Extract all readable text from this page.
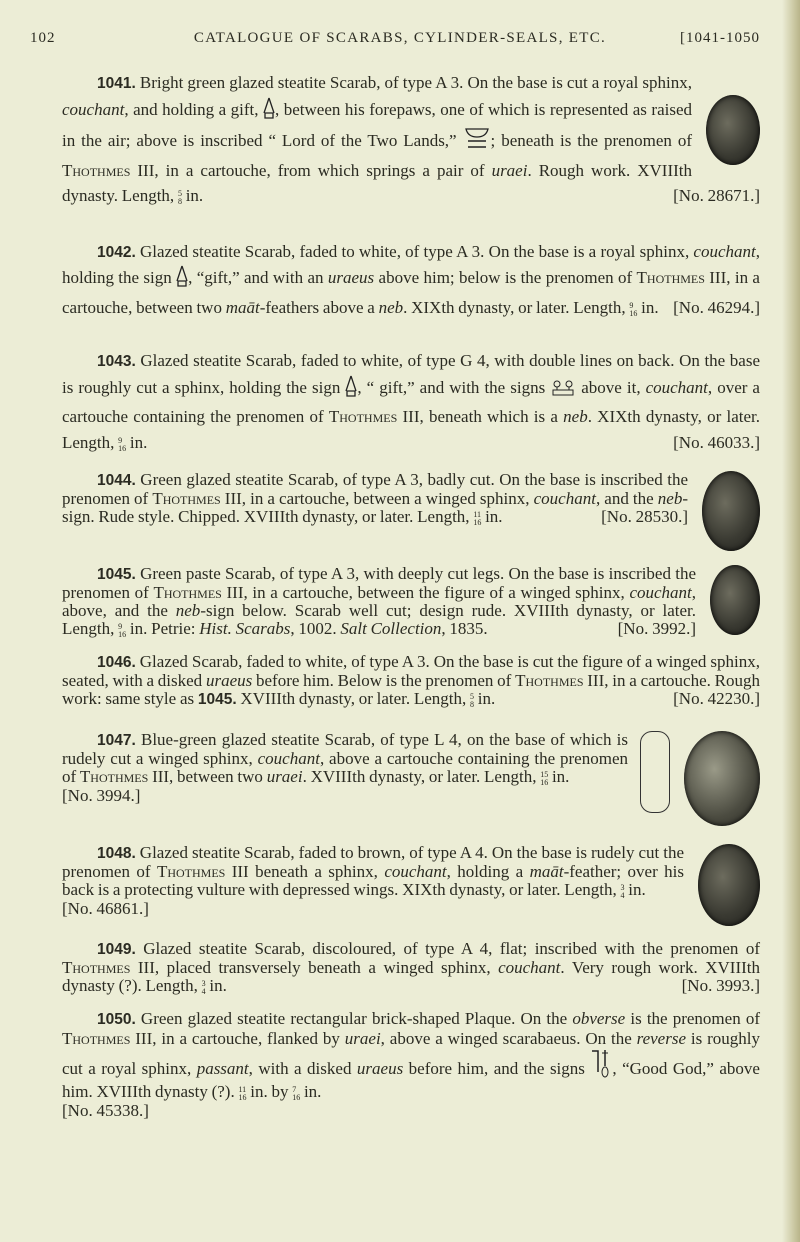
102	CATALOGUE OF SCARABS, CYLINDER-SEALS, ETC.	[1041-1050

1041. Bright green glazed steatite Scarab, of type A 3. On the base is cut a royal sphinx, couchant, and holding a gift, , between his forepaws, one of which is represented as raised in the air; above is inscribed “ Lord of the Two Lands,” ; beneath is the prenomen of Thothmes III, in a cartouche, from which springs a pair of uraei. Rough work. XVIIIth dynasty. Length, 5
8 in.	[No. 28671.]

1042. Glazed steatite Scarab, faded to white, of type A 3. On the base is a royal sphinx, couchant, holding the sign , “gift,” and with an uraeus above him; below is the prenomen of Thothmes III, in a cartouche, between two maāt-feathers above a neb. XIXth dynasty, or later. Length, 9
16 in. [No. 46294.]

1043. Glazed steatite Scarab, faded to white, of type G 4, with double lines on back. On the base is roughly cut a sphinx, holding the sign , “ gift,” and with the signs  above it, couchant, over a cartouche containing the prenomen of Thothmes III, beneath which is a neb. XIXth dynasty, or later. Length, 9
16 in.	[No. 46033.]

1044. Green glazed steatite Scarab, of type A 3, badly cut. On the base is inscribed the prenomen of Thothmes III, in a cartouche, between a winged sphinx, couchant, and the neb-sign. Rude style. Chipped. XVIIIth dynasty, or later. Length, 11
16 in.	[No. 28530.]

1045. Green paste Scarab, of type A 3, with deeply cut legs. On the base is inscribed the prenomen of Thothmes III, in a cartouche, between the figure of a winged sphinx, couchant, above, and the neb-sign below. Scarab well cut; design rude. XVIIIth dynasty, or later. Length, 9
16 in. Petrie: Hist. Scarabs, 1002. Salt Collection, 1835.	[No. 3992.]

1046. Glazed Scarab, faded to white, of type A 3. On the base is cut the figure of a winged sphinx, seated, with a disked uraeus before him. Below is the prenomen of Thothmes III, in a cartouche. Rough work: same style as 1045. XVIIIth dynasty, or later. Length, 5
8 in.	[No. 42230.]

1047. Blue-green glazed steatite Scarab, of type L 4, on the base of which is rudely cut a winged sphinx, couchant, above a cartouche containing the prenomen of Thothmes III, between two uraei. XVIIIth dynasty, or later. Length, 15
16 in.
[No. 3994.]

1048. Glazed steatite Scarab, faded to brown, of type A 4. On the base is rudely cut the prenomen of Thothmes III beneath a sphinx, couchant, holding a maāt-feather; over his back is a protecting vulture with depressed wings. XIXth dynasty, or later. Length, 3
4 in.
[No. 46861.]

1049. Glazed steatite Scarab, discoloured, of type A 4, flat; inscribed with the prenomen of Thothmes III, placed transversely beneath a winged sphinx, couchant. Very rough work. XVIIIth dynasty (?). Length, 3
4 in.	[No. 3993.]

1050. Green glazed steatite rectangular brick-shaped Plaque. On the obverse is the prenomen of Thothmes III, in a cartouche, flanked by uraei, above a winged scarabaeus. On the reverse is roughly cut a royal sphinx, passant, with a disked uraeus before him, and the signs , “Good God,” above him. XVIIIth dynasty (?). 11
16 in. by 7
16 in.
[No. 45338.]
